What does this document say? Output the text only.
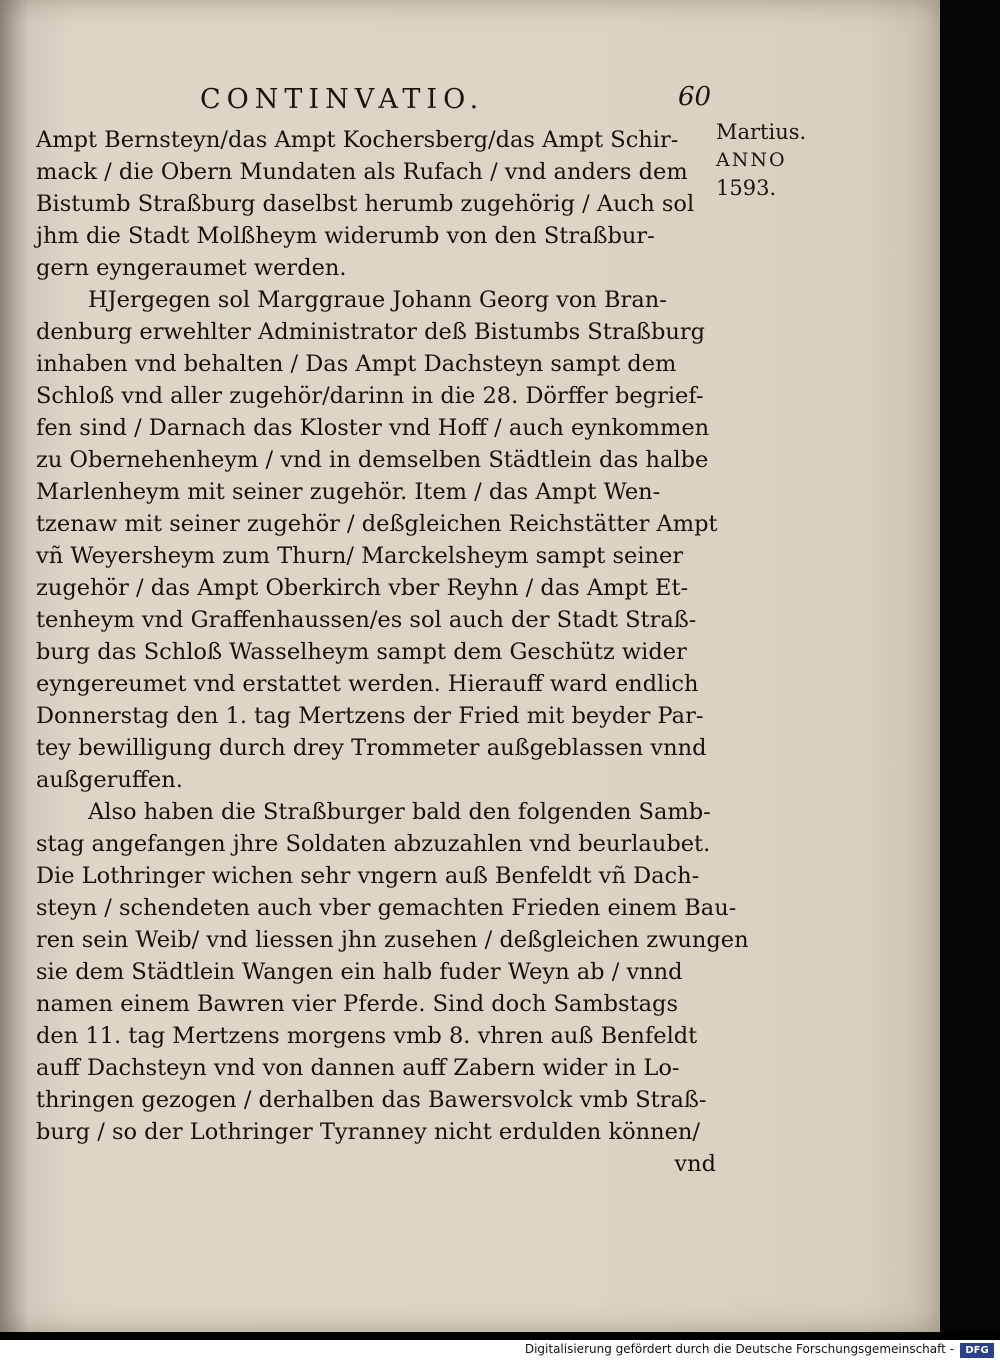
CONTINVATIO.	60
Martius.
ANNO
1593.
Ampt Bernsteyn/das Ampt Kochersberg/das Ampt Schir-
mack / die Obern Mundaten als Rufach / vnd anders dem
Bistumb Straßburg daselbst herumb zugehörig / Auch sol
jhm die Stadt Molßheym widerumb von den Straßbur-
gern eyngeraumet werden.
HJergegen sol Marggraue Johann Georg von Bran-
denburg erwehlter Administrator deß Bistumbs Straßburg
inhaben vnd behalten / Das Ampt Dachsteyn sampt dem
Schloß vnd aller zugehör/darinn in die 28. Dörffer begrief-
fen sind / Darnach das Kloster vnd Hoff / auch eynkommen
zu Obernehenheym / vnd in demselben Städtlein das halbe
Marlenheym mit seiner zugehör. Item / das Ampt Wen-
tzenaw mit seiner zugehör / deßgleichen Reichstätter Ampt
vñ Weyersheym zum Thurn/ Marckelsheym sampt seiner
zugehör / das Ampt Oberkirch vber Reyhn / das Ampt Et-
tenheym vnd Graffenhaussen/es sol auch der Stadt Straß-
burg das Schloß Wasselheym sampt dem Geschütz wider
eyngereumet vnd erstattet werden. Hierauff ward endlich
Donnerstag den 1. tag Mertzens der Fried mit beyder Par-
tey bewilligung durch drey Trommeter außgeblassen vnnd
außgeruffen.
Also haben die Straßburger bald den folgenden Samb-
stag angefangen jhre Soldaten abzuzahlen vnd beurlaubet.
Die Lothringer wichen sehr vngern auß Benfeldt vñ Dach-
steyn / schendeten auch vber gemachten Frieden einem Bau-
ren sein Weib/ vnd liessen jhn zusehen / deßgleichen zwungen
sie dem Städtlein Wangen ein halb fuder Weyn ab / vnnd
namen einem Bawren vier Pferde. Sind doch Sambstags
den 11. tag Mertzens morgens vmb 8. vhren auß Benfeldt
auff Dachsteyn vnd von dannen auff Zabern wider in Lo-
thringen gezogen / derhalben das Bawersvolck vmb Straß-
burg / so der Lothringer Tyranney nicht erdulden können/
vnd
Digitalisierung gefördert durch die Deutsche Forschungsgemeinschaft -	DFG
